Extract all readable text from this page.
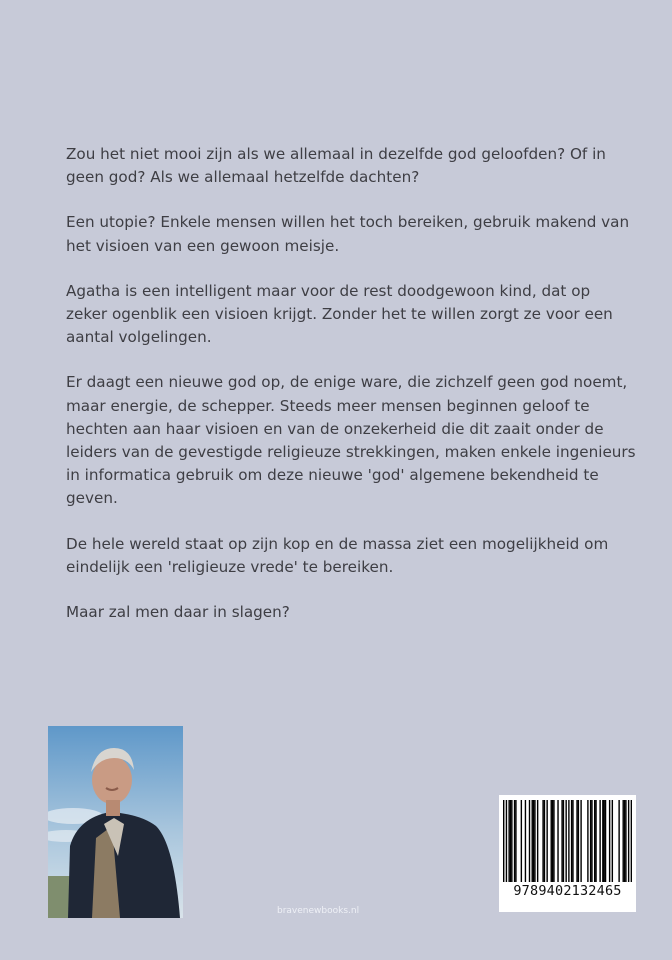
Zou het niet mooi zijn als we allemaal in dezelfde god geloofden? Of in geen god? Als we allemaal hetzelfde dachten?

Een utopie? Enkele mensen willen het toch bereiken, gebruik makend van het visioen van een gewoon meisje.

Agatha is een intelligent maar voor de rest doodgewoon kind, dat op zeker ogenblik een visioen krijgt. Zonder het te willen zorgt ze voor een aantal volgelingen.

Er daagt een nieuwe god op, de enige ware, die zichzelf geen god noemt, maar energie, de schepper. Steeds meer mensen beginnen geloof te hechten aan haar visioen en van de onzekerheid die dit zaait onder de leiders van de gevestigde religieuze strekkingen, maken enkele ingenieurs in informatica gebruik om deze nieuwe 'god' algemene bekendheid te geven.

De hele wereld staat op zijn kop en de massa ziet een mogelijkheid om eindelijk een 'religieuze vrede' te bereiken.

Maar zal men daar in slagen?

bravenewbooks.nl
9789402132465
